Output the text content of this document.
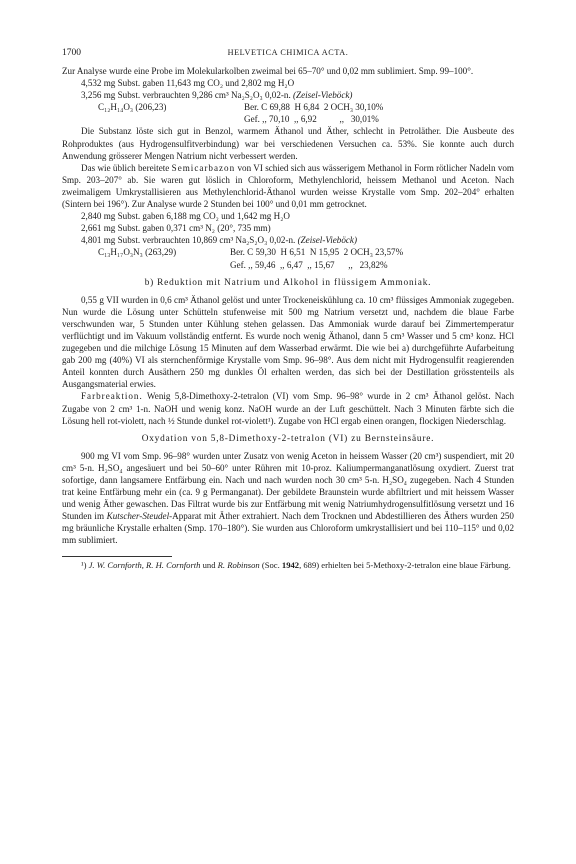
1700	HELVETICA CHIMICA ACTA.

Zur Analyse wurde eine Probe im Molekularkolben zweimal bei 65–70° und 0,02 mm sublimiert. Smp. 99–100°.

4,532 mg Subst. gaben 11,643 mg CO₂ und 2,802 mg H₂O
3,256 mg Subst. verbrauchten 9,286 cm³ Na₂S₂O₃ 0,02-n. (Zeisel-Vieböck)
C₁₂H₁₄O₃ (206,23)	Ber. C 69,88  H 6,84  2 OCH₃ 30,10%
Gef. ,, 70,10  ,, 6,92          ,,   30,01%

Die Substanz löste sich gut in Benzol, warmem Äthanol und Äther, schlecht in Petroläther. Die Ausbeute des Rohproduktes (aus Hydrogensulfitverbindung) war bei verschiedenen Versuchen ca. 53%. Sie konnte auch durch Anwendung grösserer Mengen Natrium nicht verbessert werden.

Das wie üblich bereitete Semicarbazon von VI schied sich aus wässerigem Methanol in Form rötlicher Nadeln vom Smp. 203–207° ab. Sie waren gut löslich in Chloroform, Methylenchlorid, heissem Methanol und Aceton. Nach zweimaligem Umkrystallisieren aus Methylenchlorid-Äthanol wurden weisse Krystalle vom Smp. 202–204° erhalten (Sintern bei 196°). Zur Analyse wurde 2 Stunden bei 100° und 0,01 mm getrocknet.

2,840 mg Subst. gaben 6,188 mg CO₂ und 1,642 mg H₂O
2,661 mg Subst. gaben 0,371 cm³ N₂ (20°, 735 mm)
4,801 mg Subst. verbrauchten 10,869 cm³ Na₂S₂O₃ 0,02-n. (Zeisel-Vieböck)
C₁₃H₁₇O₃N₃ (263,29)	Ber. C 59,30  H 6,51  N 15,95  2 OCH₃ 23,57%
Gef. ,, 59,46  ,, 6,47  ,, 15,67      ,,   23,82%
b) Reduktion mit Natrium und Alkohol in flüssigem Ammoniak.

0,55 g VII wurden in 0,6 cm³ Äthanol gelöst und unter Trockeneiskühlung ca. 10 cm³ flüssiges Ammoniak zugegeben. Nun wurde die Lösung unter Schütteln stufenweise mit 500 mg Natrium versetzt und, nachdem die blaue Farbe verschwunden war, 5 Stunden unter Kühlung stehen gelassen. Das Ammoniak wurde darauf bei Zimmertemperatur verflüchtigt und im Vakuum vollständig entfernt. Es wurde noch wenig Äthanol, dann 5 cm³ Wasser und 5 cm³ konz. HCl zugegeben und die milchige Lösung 15 Minuten auf dem Wasserbad erwärmt. Die wie bei a) durchgeführte Aufarbeitung gab 200 mg (40%) VI als sternchenförmige Krystalle vom Smp. 96–98°. Aus dem nicht mit Hydrogensulfit reagierenden Anteil konnten durch Ausäthern 250 mg dunkles Öl erhalten werden, das sich bei der Destillation grösstenteils als Ausgangsmaterial erwies.

Farbreaktion. Wenig 5,8-Dimethoxy-2-tetralon (VI) vom Smp. 96–98° wurde in 2 cm³ Äthanol gelöst. Nach Zugabe von 2 cm³ 1-n. NaOH und wenig konz. NaOH wurde an der Luft geschüttelt. Nach 3 Minuten färbte sich die Lösung hell rot-violett, nach ½ Stunde dunkel rot-violett¹). Zugabe von HCl ergab einen orangen, flockigen Niederschlag.

Oxydation von 5,8-Dimethoxy-2-tetralon (VI) zu Bernsteinsäure.

900 mg VI vom Smp. 96–98° wurden unter Zusatz von wenig Aceton in heissem Wasser (20 cm³) suspendiert, mit 20 cm³ 5-n. H₂SO₄ angesäuert und bei 50–60° unter Rühren mit 10-proz. Kaliumpermanganatlösung oxydiert. Zuerst trat sofortige, dann langsamere Entfärbung ein. Nach und nach wurden noch 30 cm³ 5-n. H₂SO₄ zugegeben. Nach 4 Stunden trat keine Entfärbung mehr ein (ca. 9 g Permanganat). Der gebildete Braunstein wurde abfiltriert und mit heissem Wasser und wenig Äther gewaschen. Das Filtrat wurde bis zur Entfärbung mit wenig Natriumhydrogensulfitlösung versetzt und 16 Stunden im Kutscher-Steudel-Apparat mit Äther extrahiert. Nach dem Trocknen und Abdestillieren des Äthers wurden 250 mg bräunliche Krystalle erhalten (Smp. 170–180°). Sie wurden aus Chloroform umkrystallisiert und bei 110–115° und 0,02 mm sublimiert.

¹) J. W. Cornforth, R. H. Cornforth und R. Robinson (Soc. 1942, 689) erhielten bei 5-Methoxy-2-tetralon eine blaue Färbung.
